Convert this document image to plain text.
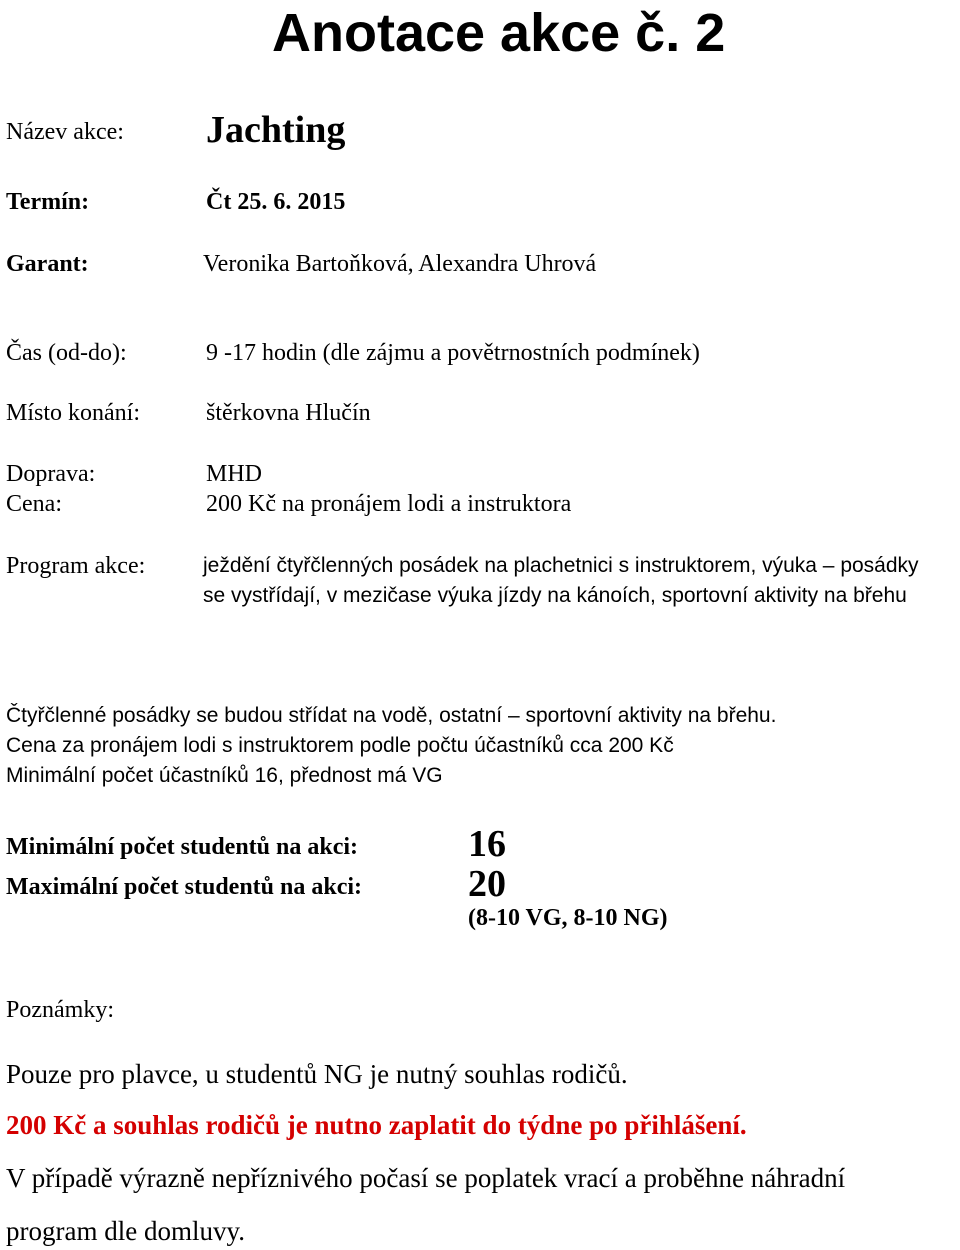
Anotace akce č. 2
Název akce: Jachting
Termín:	Čt 25. 6. 2015
Garant:	Veronika Bartoňková, Alexandra Uhrová
Čas (od-do):	9 -17 hodin (dle zájmu a povětrnostních podmínek)
Místo konání:	štěrkovna Hlučín
Doprava:	MHD
Cena:	200 Kč na pronájem lodi a instruktora
Program akce:	ježdění čtyřčlenných posádek na plachetnici s instruktorem, výuka – posádky se vystřídají, v mezičase výuka jízdy na kánoích, sportovní aktivity na břehu
Čtyřčlenné posádky se budou střídat na vodě, ostatní – sportovní aktivity na břehu.
Cena za pronájem lodi s instruktorem podle počtu účastníků cca 200 Kč
Minimální počet účastníků 16, přednost má VG
Minimální počet studentů na akci:	16
Maximální počet studentů na akci:	20
(8-10 VG, 8-10 NG)
Poznámky:
Pouze pro plavce, u studentů NG je nutný souhlas rodičů.
200 Kč a souhlas rodičů je nutno zaplatit do týdne po přihlášení.
V případě výrazně nepříznivého počasí se poplatek vrací a proběhne náhradní
program dle domluvy.
